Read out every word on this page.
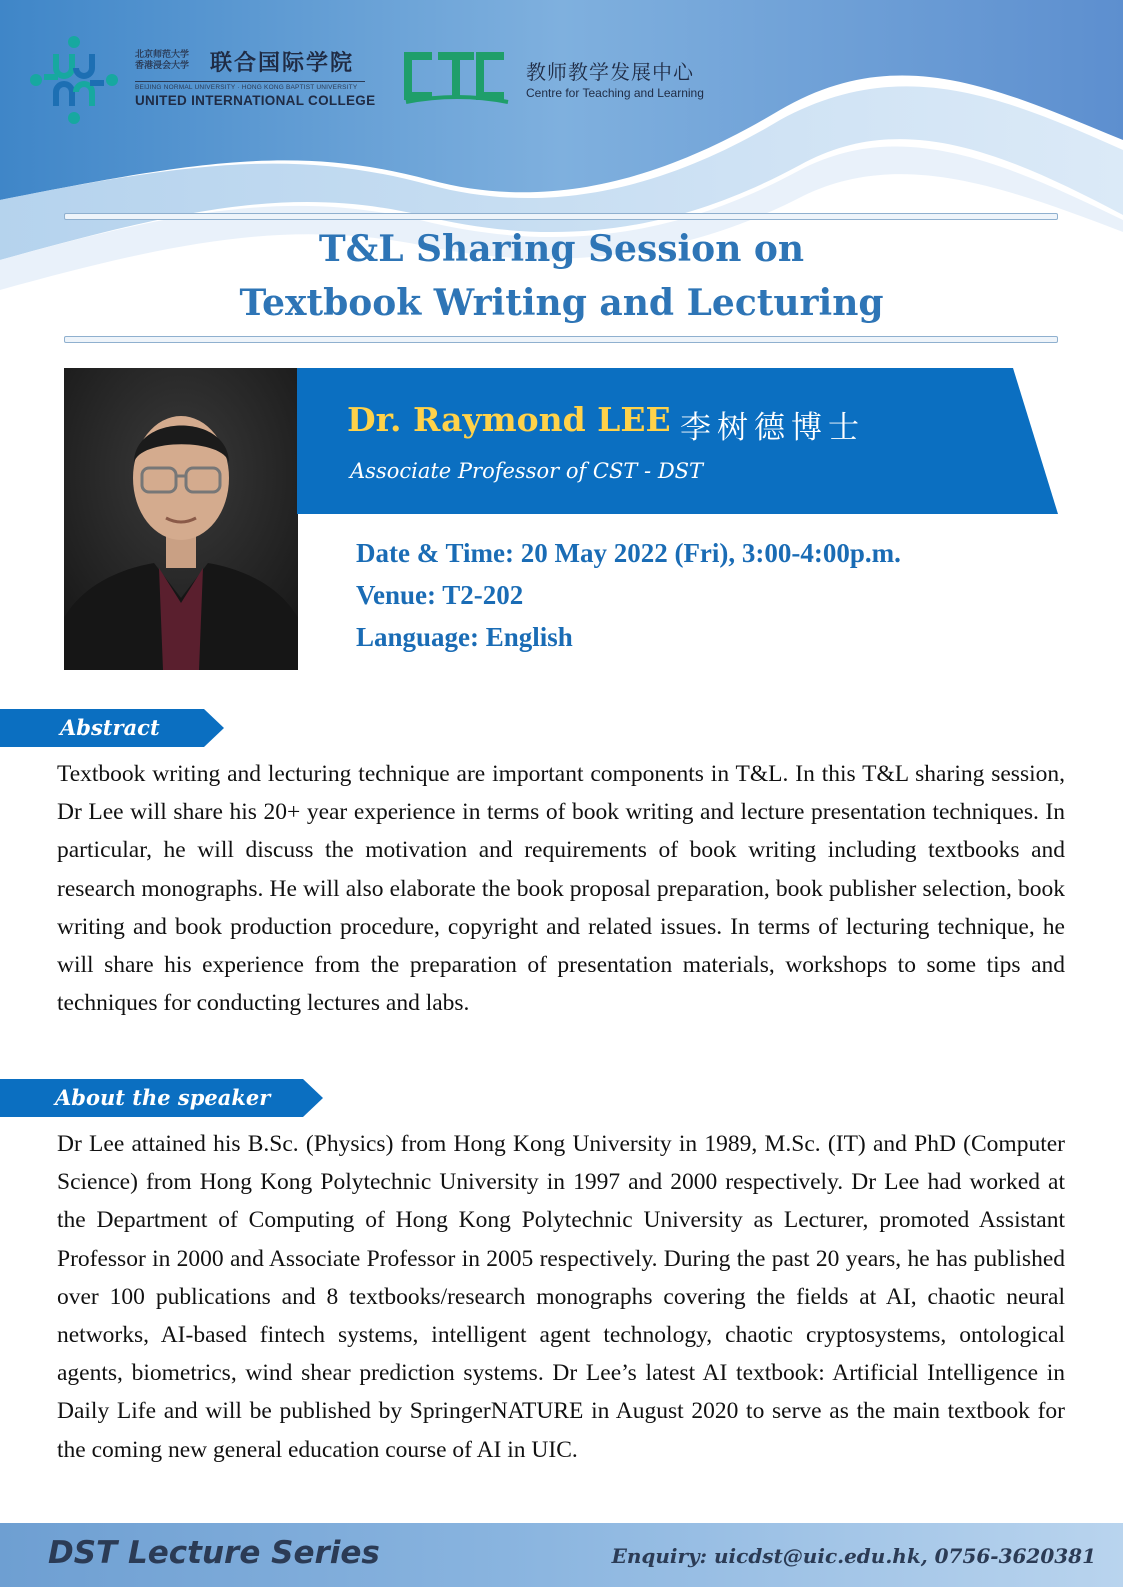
北京师范大学
香港浸会大学 联合国际学院
BEIJING NORMAL UNIVERSITY · HONG KONG BAPTIST UNIVERSITY
UNITED INTERNATIONAL COLLEGE
教师教学发展中心
Centre for Teaching and Learning
T&L Sharing Session on
Textbook Writing and Lecturing
Dr. Raymond LEE 李树德博士
Associate Professor of CST - DST
Date & Time: 20 May 2022 (Fri), 3:00-4:00p.m.
Venue: T2-202
Language: English
Abstract
Textbook writing and lecturing technique are important components in T&L. In this T&L sharing session, Dr Lee will share his 20+ year experience in terms of book writing and lecture presentation techniques. In particular, he will discuss the motivation and requirements of book writing including textbooks and research monographs. He will also elaborate the book proposal preparation, book publisher selection, book writing and book production procedure, copyright and related issues. In terms of lecturing technique, he will share his experience from the preparation of presentation materials, workshops to some tips and techniques for conducting lectures and labs.
About the speaker
Dr Lee attained his B.Sc. (Physics) from Hong Kong University in 1989, M.Sc. (IT) and PhD (Computer Science) from Hong Kong Polytechnic University in 1997 and 2000 respectively. Dr Lee had worked at the Department of Computing of Hong Kong Polytechnic University as Lecturer, promoted Assistant Professor in 2000 and Associate Professor in 2005 respectively. During the past 20 years, he has published over 100 publications and 8 textbooks/research monographs covering the fields at AI, chaotic neural networks, AI-based fintech systems, intelligent agent technology, chaotic cryptosystems, ontological agents, biometrics, wind shear prediction systems. Dr Lee’s latest AI textbook: Artificial Intelligence in Daily Life and will be published by SpringerNATURE in August 2020 to serve as the main textbook for the coming new general education course of AI in UIC.
DST Lecture Series	Enquiry: uicdst@uic.edu.hk, 0756-3620381
